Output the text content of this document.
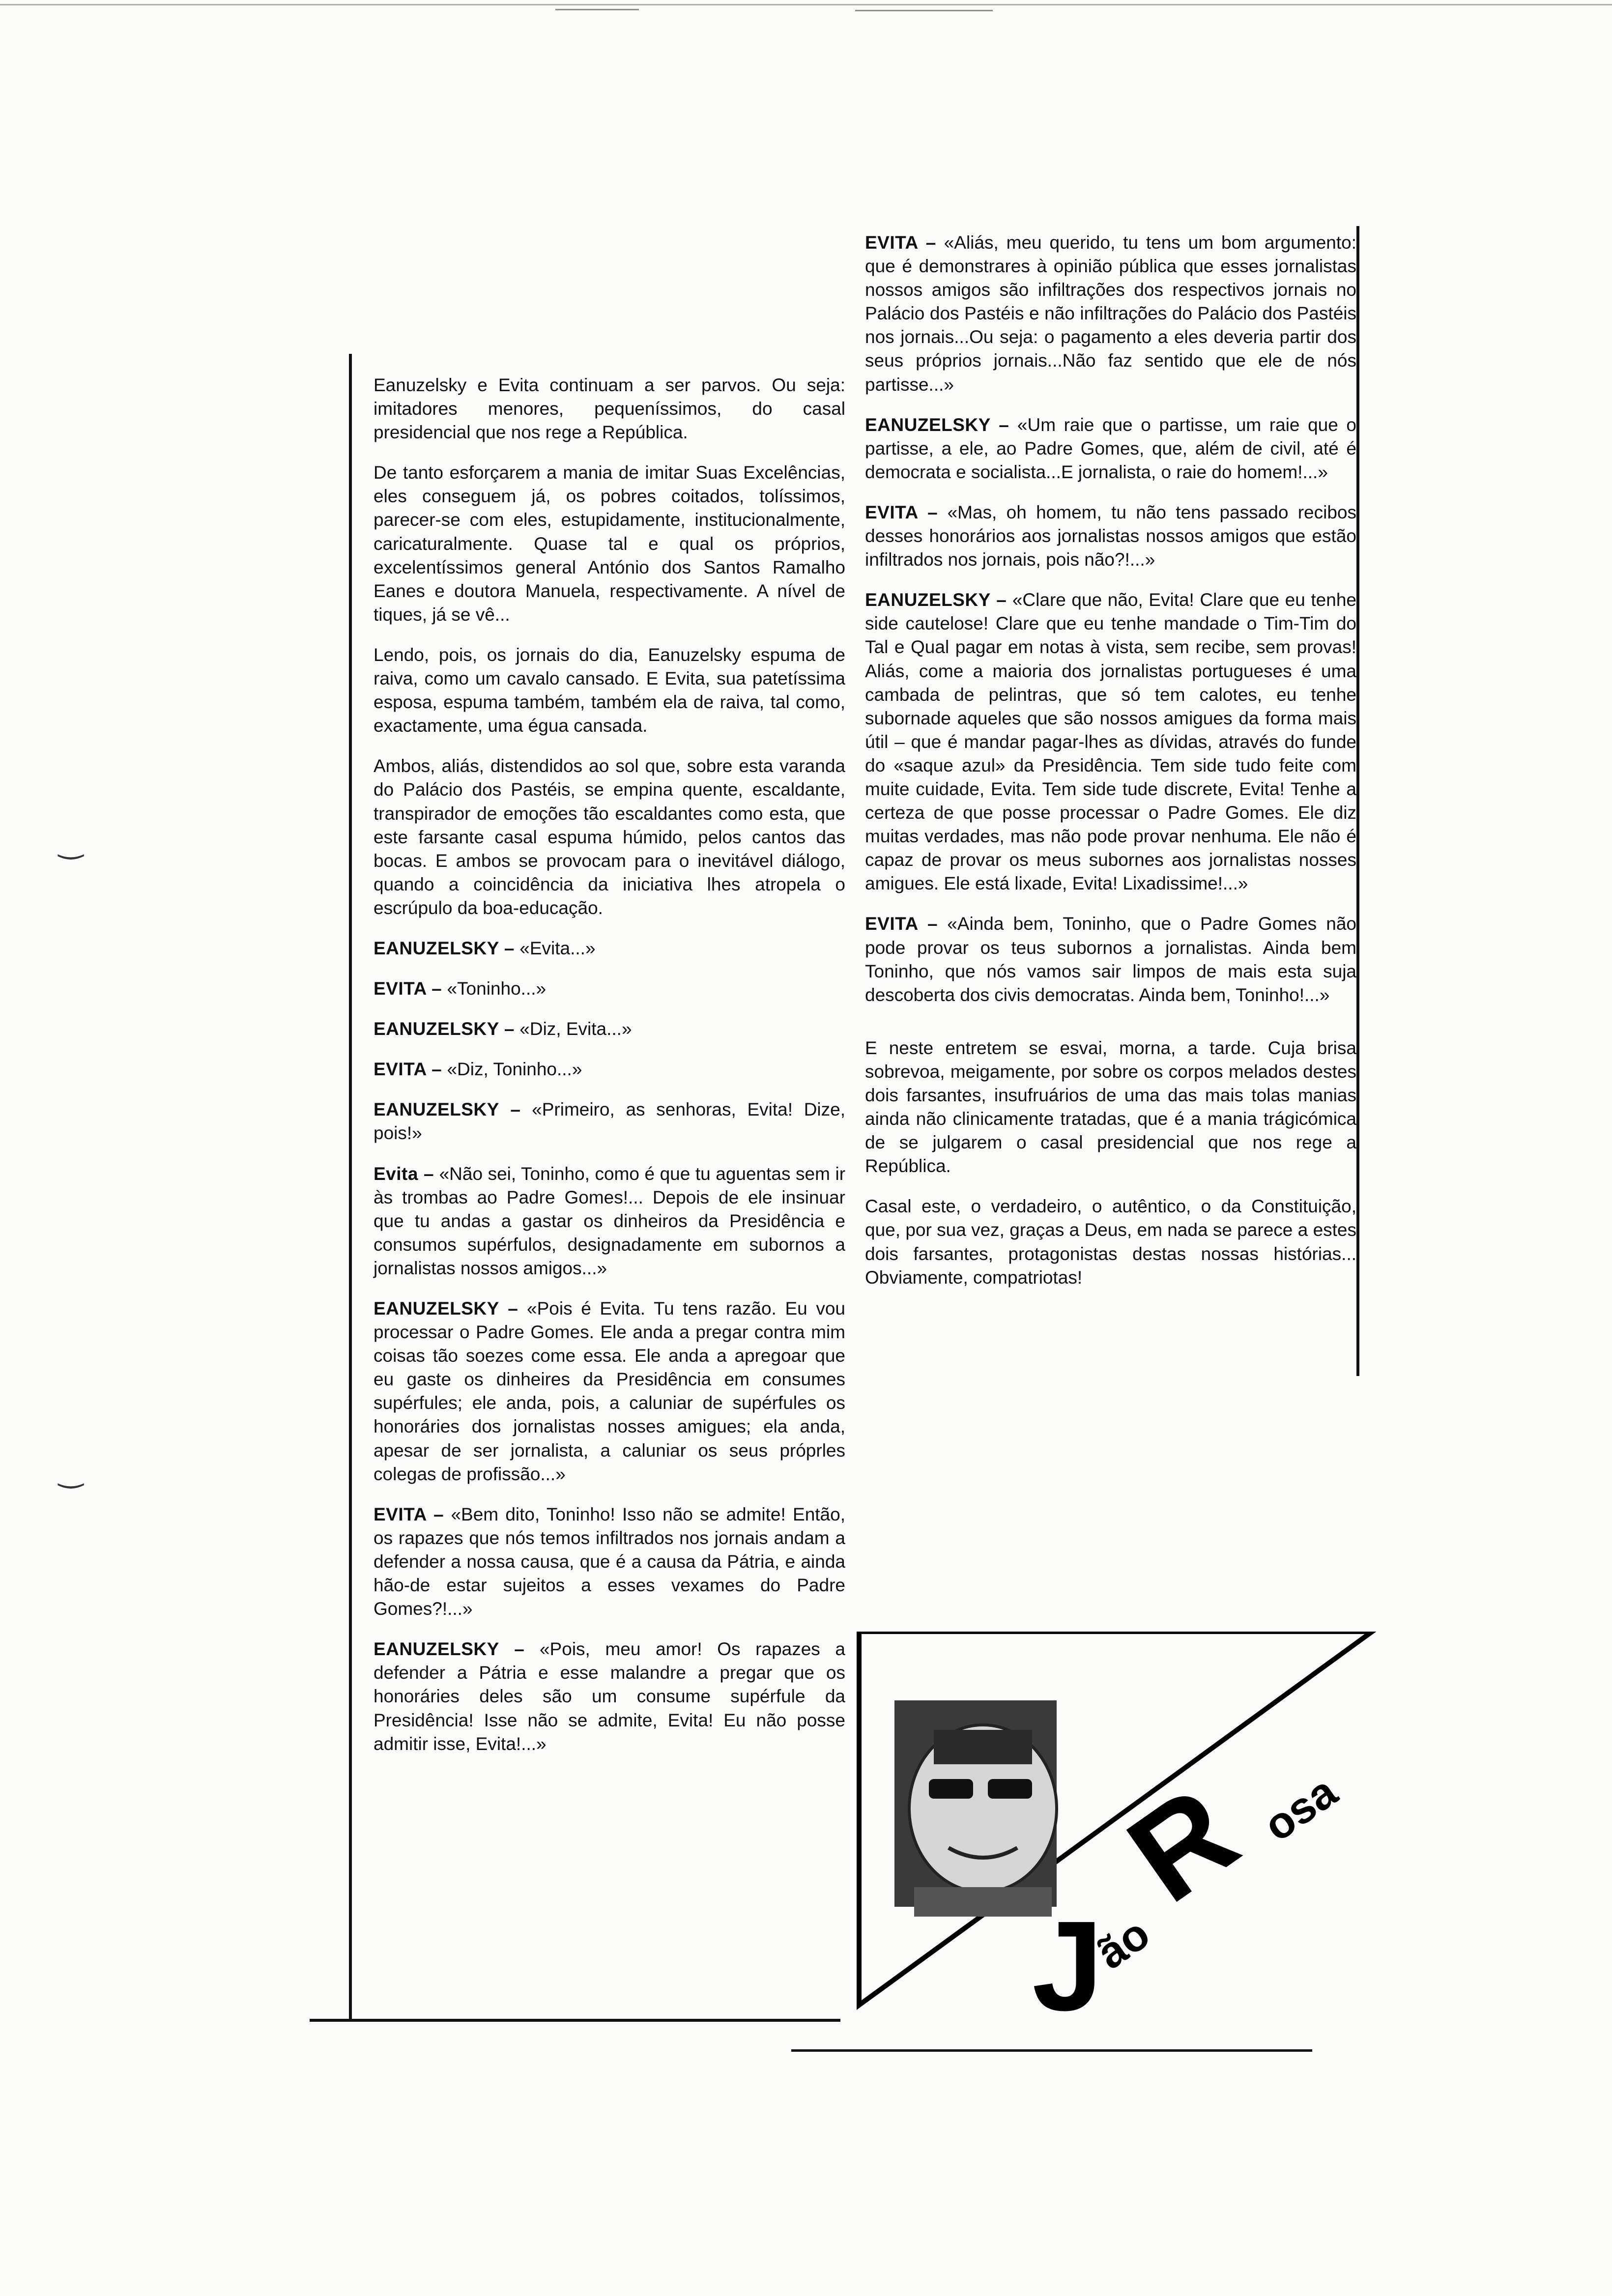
‿
‿

Eanuzelsky e Evita continuam a ser parvos. Ou seja: imitadores menores, pequeníssimos, do casal presidencial que nos rege a República.

De tanto esforçarem a mania de imitar Suas Excelências, eles conseguem já, os pobres coitados, tolíssimos, parecer-se com eles, estupidamente, institucionalmente, caricaturalmente. Quase tal e qual os próprios, excelentíssimos general António dos Santos Ramalho Eanes e doutora Manuela, respectivamente. A nível de tiques, já se vê...

Lendo, pois, os jornais do dia, Eanuzelsky espuma de raiva, como um cavalo cansado. E Evita, sua patetíssima esposa, espuma também, também ela de raiva, tal como, exactamente, uma égua cansada.

Ambos, aliás, distendidos ao sol que, sobre esta varanda do Palácio dos Pastéis, se empina quente, escaldante, transpirador de emoções tão escaldantes como esta, que este farsante casal espuma húmido, pelos cantos das bocas. E ambos se provocam para o inevitável diálogo, quando a coincidência da iniciativa lhes atropela o escrúpulo da boa-educação.

EANUZELSKY – «Evita...»

EVITA – «Toninho...»

EANUZELSKY – «Diz, Evita...»

EVITA – «Diz, Toninho...»

EANUZELSKY – «Primeiro, as senhoras, Evita! Dize, pois!»

Evita – «Não sei, Toninho, como é que tu aguentas sem ir às trombas ao Padre Gomes!... Depois de ele insinuar que tu andas a gastar os dinheiros da Presidência e consumos supérfulos, designadamente em subornos a jornalistas nossos amigos...»

EANUZELSKY – «Pois é Evita. Tu tens razão. Eu vou processar o Padre Gomes. Ele anda a pregar contra mim coisas tão soezes come essa. Ele anda a apregoar que eu gaste os dinheires da Presidência em consumes supérfules; ele anda, pois, a caluniar de supérfules os honoráries dos jornalistas nosses amigues; ela anda, apesar de ser jornalista, a caluniar os seus próprles colegas de profissão...»

EVITA – «Bem dito, Toninho! Isso não se admite! Então, os rapazes que nós temos infiltrados nos jornais andam a defender a nossa causa, que é a causa da Pátria, e ainda hão-de estar sujeitos a esses vexames do Padre Gomes?!...»

EANUZELSKY – «Pois, meu amor! Os rapazes a defender a Pátria e esse malandre a pregar que os honoráries deles são um consume supérfule da Presidência! Isse não se admite, Evita! Eu não posse admitir isse, Evita!...»

EVITA – «Aliás, meu querido, tu tens um bom argumento: que é demonstrares à opinião pública que esses jornalistas nossos amigos são infiltrações dos respectivos jornais no Palácio dos Pastéis e não infiltrações do Palácio dos Pastéis nos jornais...Ou seja: o pagamento a eles deveria partir dos seus próprios jornais...Não faz sentido que ele de nós partisse...»

EANUZELSKY – «Um raie que o partisse, um raie que o partisse, a ele, ao Padre Gomes, que, além de civil, até é democrata e socialista...E jornalista, o raie do homem!...»

EVITA – «Mas, oh homem, tu não tens passado recibos desses honorários aos jornalistas nossos amigos que estão infiltrados nos jornais, pois não?!...»

EANUZELSKY – «Clare que não, Evita! Clare que eu tenhe side cautelose! Clare que eu tenhe mandade o Tim-Tim do Tal e Qual pagar em notas à vista, sem recibe, sem provas! Aliás, come a maioria dos jornalistas portugueses é uma cambada de pelintras, que só tem calotes, eu tenhe subornade aqueles que são nossos amigues da forma mais útil – que é mandar pagar-lhes as dívidas, através do funde do «saque azul» da Presidência. Tem side tudo feite com muite cuidade, Evita. Tem side tude discrete, Evita! Tenhe a certeza de que posse processar o Padre Gomes. Ele diz muitas verdades, mas não pode provar nenhuma. Ele não é capaz de provar os meus subornes aos jornalistas nosses amigues. Ele está lixade, Evita! Lixadissime!...»

EVITA – «Ainda bem, Toninho, que o Padre Gomes não pode provar os teus subornos a jornalistas. Ainda bem Toninho, que nós vamos sair limpos de mais esta suja descoberta dos civis democratas. Ainda bem, Toninho!...»

E neste entretem se esvai, morna, a tarde. Cuja brisa sobrevoa, meigamente, por sobre os corpos melados destes dois farsantes, insufruários de uma das mais tolas manias ainda não clinicamente tratadas, que é a mania trágicómica de se julgarem o casal presidencial que nos rege a República.

Casal este, o verdadeiro, o autêntico, o da Constituição, que, por sua vez, graças a Deus, em nada se parece a estes dois farsantes, protagonistas destas nossas histórias... Obviamente, compatriotas!

J
ão
R
osa
